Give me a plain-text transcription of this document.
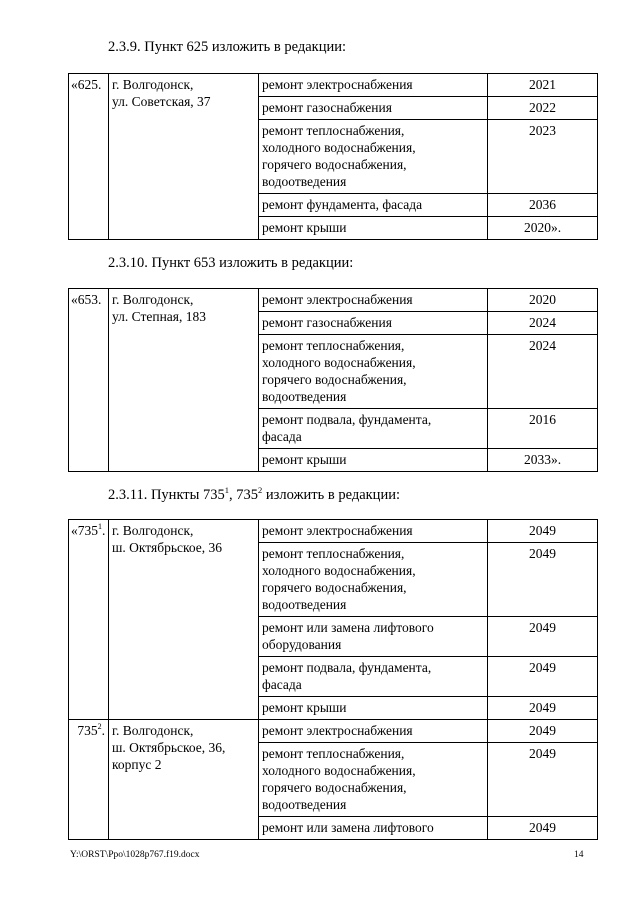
2.3.9. Пункт 625 изложить в редакции:
«625.	г. Волгодонск,
ул. Советская, 37	ремонт электроснабжения	2021
		ремонт газоснабжения	2022
		ремонт теплоснабжения,
холодного водоснабжения,
горячего водоснабжения,
водоотведения	2023
		ремонт фундамента, фасада	2036
		ремонт крыши	2020».
2.3.10. Пункт 653 изложить в редакции:
«653.	г. Волгодонск,
ул. Степная, 183	ремонт электроснабжения	2020
		ремонт газоснабжения	2024
		ремонт теплоснабжения,
холодного водоснабжения,
горячего водоснабжения,
водоотведения	2024
		ремонт подвала, фундамента,
фасада	2016
		ремонт крыши	2033».
2.3.11. Пункты $735^1$, $735^2$ изложить в редакции:
«$735^1$.	г. Волгодонск,
ш. Октябрьское, 36	ремонт электроснабжения	2049
		ремонт теплоснабжения,
холодного водоснабжения,
горячего водоснабжения,
водоотведения	2049
		ремонт или замена лифтового
оборудования	2049
		ремонт подвала, фундамента,
фасада	2049
		ремонт крыши	2049
$735^2$.	г. Волгодонск,
ш. Октябрьское, 36,
корпус 2	ремонт электроснабжения	2049
		ремонт теплоснабжения,
холодного водоснабжения,
горячего водоснабжения,
водоотведения	2049
		ремонт или замена лифтового	2049
Y:\ORST\Ppo\1028p767.f19.docx	14
